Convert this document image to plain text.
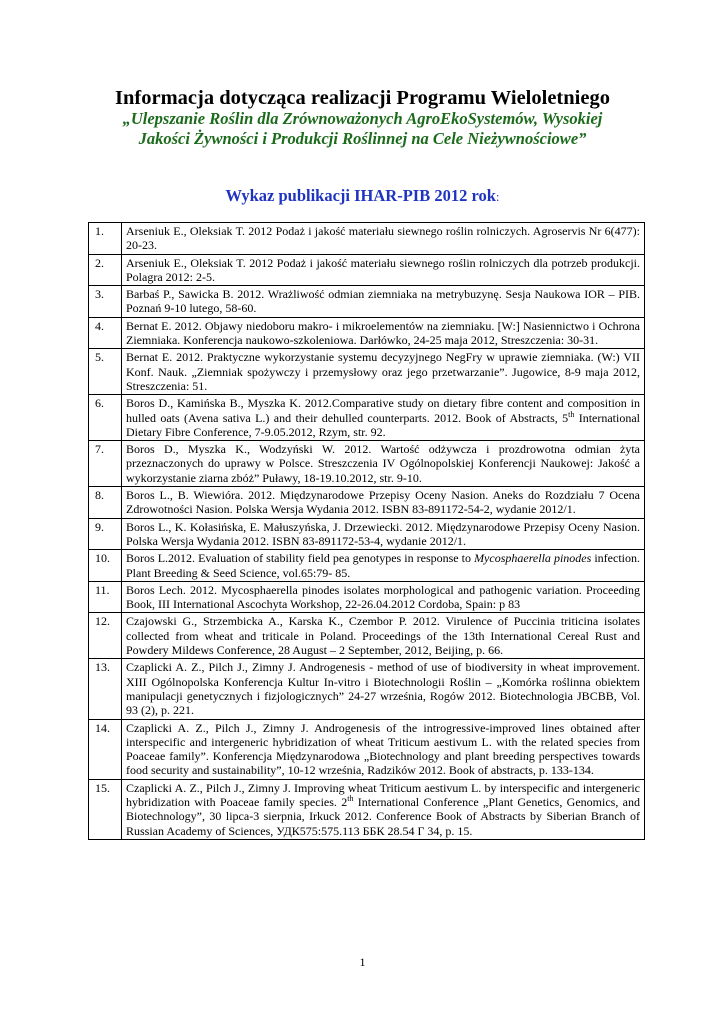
Informacja dotycząca realizacji Programu Wieloletniego
„Ulepszanie Roślin dla Zrównoważonych AgroEkoSystemów, Wysokiej
Jakości Żywności i Produkcji Roślinnej na Cele Nieżywnościowe”
Wykaz publikacji IHAR-PIB 2012 rok:
1.	Arseniuk E., Oleksiak T. 2012 Podaż i jakość materiału siewnego roślin rolniczych. Agroservis Nr 6(477): 20-23.
2.	Arseniuk E., Oleksiak T. 2012 Podaż i jakość materiału siewnego roślin rolniczych dla potrzeb produkcji. Polagra 2012: 2-5.
3.	Barbaś P., Sawicka B. 2012. Wrażliwość odmian ziemniaka na metrybuzynę. Sesja Naukowa IOR – PIB. Poznań 9-10 lutego, 58-60.
4.	Bernat E. 2012. Objawy niedoboru makro- i mikroelementów na ziemniaku. [W:] Nasiennictwo i Ochrona Ziemniaka. Konferencja naukowo-szkoleniowa. Darłówko, 24-25 maja 2012, Streszczenia: 30-31.
5.	Bernat E. 2012. Praktyczne wykorzystanie systemu decyzyjnego NegFry w uprawie ziemniaka. (W:) VII Konf. Nauk. „Ziemniak spożywczy i przemysłowy oraz jego przetwarzanie”. Jugowice, 8-9 maja 2012, Streszczenia: 51.
6.	Boros D., Kamińska B., Myszka K. 2012.Comparative study on dietary fibre content and composition in hulled oats (Avena sativa L.) and their dehulled counterparts. 2012. Book of Abstracts, 5th International Dietary Fibre Conference, 7-9.05.2012, Rzym, str. 92.
7.	Boros D., Myszka K., Wodzyński W. 2012. Wartość odżywcza i prozdrowotna odmian żyta przeznaczonych do uprawy w Polsce. Streszczenia IV Ogólnopolskiej Konferencji Naukowej: Jakość a wykorzystanie ziarna zbóż” Puławy, 18-19.10.2012, str. 9-10.
8.	Boros L., B. Wiewióra. 2012. Międzynarodowe Przepisy Oceny Nasion. Aneks do Rozdziału 7 Ocena Zdrowotności Nasion. Polska Wersja Wydania 2012. ISBN 83-891172-54-2, wydanie 2012/1.
9.	Boros L., K. Kołasińska, E. Małuszyńska, J. Drzewiecki. 2012. Międzynarodowe Przepisy Oceny Nasion. Polska Wersja Wydania 2012. ISBN 83-891172-53-4, wydanie 2012/1.
10.	Boros L.2012. Evaluation of stability field pea genotypes in response to Mycosphaerella pinodes infection. Plant Breeding & Seed Science, vol.65:79- 85.
11.	Boros Lech. 2012. Mycosphaerella pinodes isolates morphological and pathogenic variation. Proceeding Book, III International Ascochyta Workshop, 22-26.04.2012 Cordoba, Spain: p 83
12.	Czajowski G., Strzembicka A., Karska K., Czembor P. 2012. Virulence of Puccinia triticina isolates collected from wheat and triticale in Poland. Proceedings of the 13th International Cereal Rust and Powdery Mildews Conference, 28 August – 2 September, 2012, Beijing, p. 66.
13.	Czaplicki A. Z., Pilch J., Zimny J. Androgenesis - method of use of biodiversity in wheat improvement. XIII Ogólnopolska Konferencja Kultur In-vitro i Biotechnologii Roślin – „Komórka roślinna obiektem manipulacji genetycznych i fizjologicznych” 24-27 września, Rogów 2012. Biotechnologia JBCBB, Vol. 93 (2), p. 221.
14.	Czaplicki A. Z., Pilch J., Zimny J. Androgenesis of the introgressive-improved lines obtained after interspecific and intergeneric hybridization of wheat Triticum aestivum L. with the related species from Poaceae family”. Konferencja Międzynarodowa „Biotechnology and plant breeding perspectives towards food security and sustainability”, 10-12 września, Radzików 2012. Book of abstracts, p. 133-134.
15.	Czaplicki A. Z., Pilch J., Zimny J. Improving wheat Triticum aestivum L. by interspecific and intergeneric hybridization with Poaceae family species. 2th International Conference „Plant Genetics, Genomics, and Biotechnology”, 30 lipca-3 sierpnia, Irkuck 2012. Conference Book of Abstracts by Siberian Branch of Russian Academy of Sciences, УДК575:575.113 ББК 28.54 Г 34, p. 15.
1
